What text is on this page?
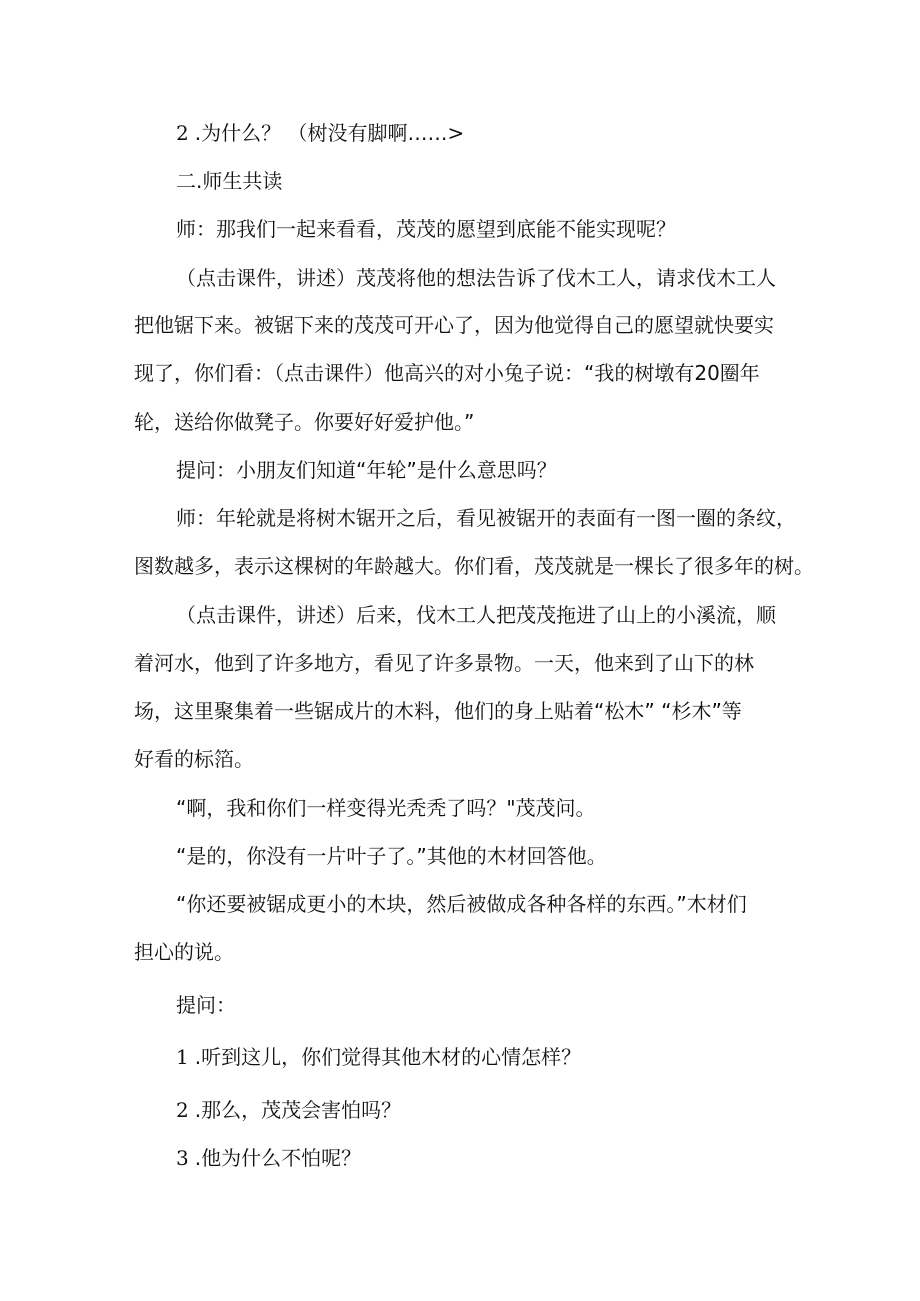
2 .为什么？ （树没有脚啊……>

二.师生共读

师：那我们一起来看看，茂茂的愿望到底能不能实现呢？

（点击课件，讲述）茂茂将他的想法告诉了伐木工人，请求伐木工人

把他锯下来。被锯下来的茂茂可开心了，因为他觉得自己的愿望就快要实

现了，你们看：（点击课件）他高兴的对小兔子说：“我的树墩有20圈年

轮，送给你做凳子。你要好好爱护他。”

提问：小朋友们知道“年轮”是什么意思吗？

师：年轮就是将树木锯开之后，看见被锯开的表面有一图一圈的条纹，

图数越多，表示这棵树的年龄越大。你们看，茂茂就是一棵长了很多年的树。

（点击课件，讲述）后来，伐木工人把茂茂拖进了山上的小溪流，顺

着河水，他到了许多地方，看见了许多景物。一天，他来到了山下的林

场，这里聚集着一些锯成片的木料，他们的身上贴着“松木” “杉木”等

好看的标箔。

“啊，我和你们一样变得光秃秃了吗？"茂茂问。

“是的，你没有一片叶子了。”其他的木材回答他。

“你还要被锯成更小的木块，然后被做成各种各样的东西。”木材们

担心的说。

提问：

1 .听到这儿，你们觉得其他木材的心情怎样？

2 .那么，茂茂会害怕吗？

3 .他为什么不怕呢？
